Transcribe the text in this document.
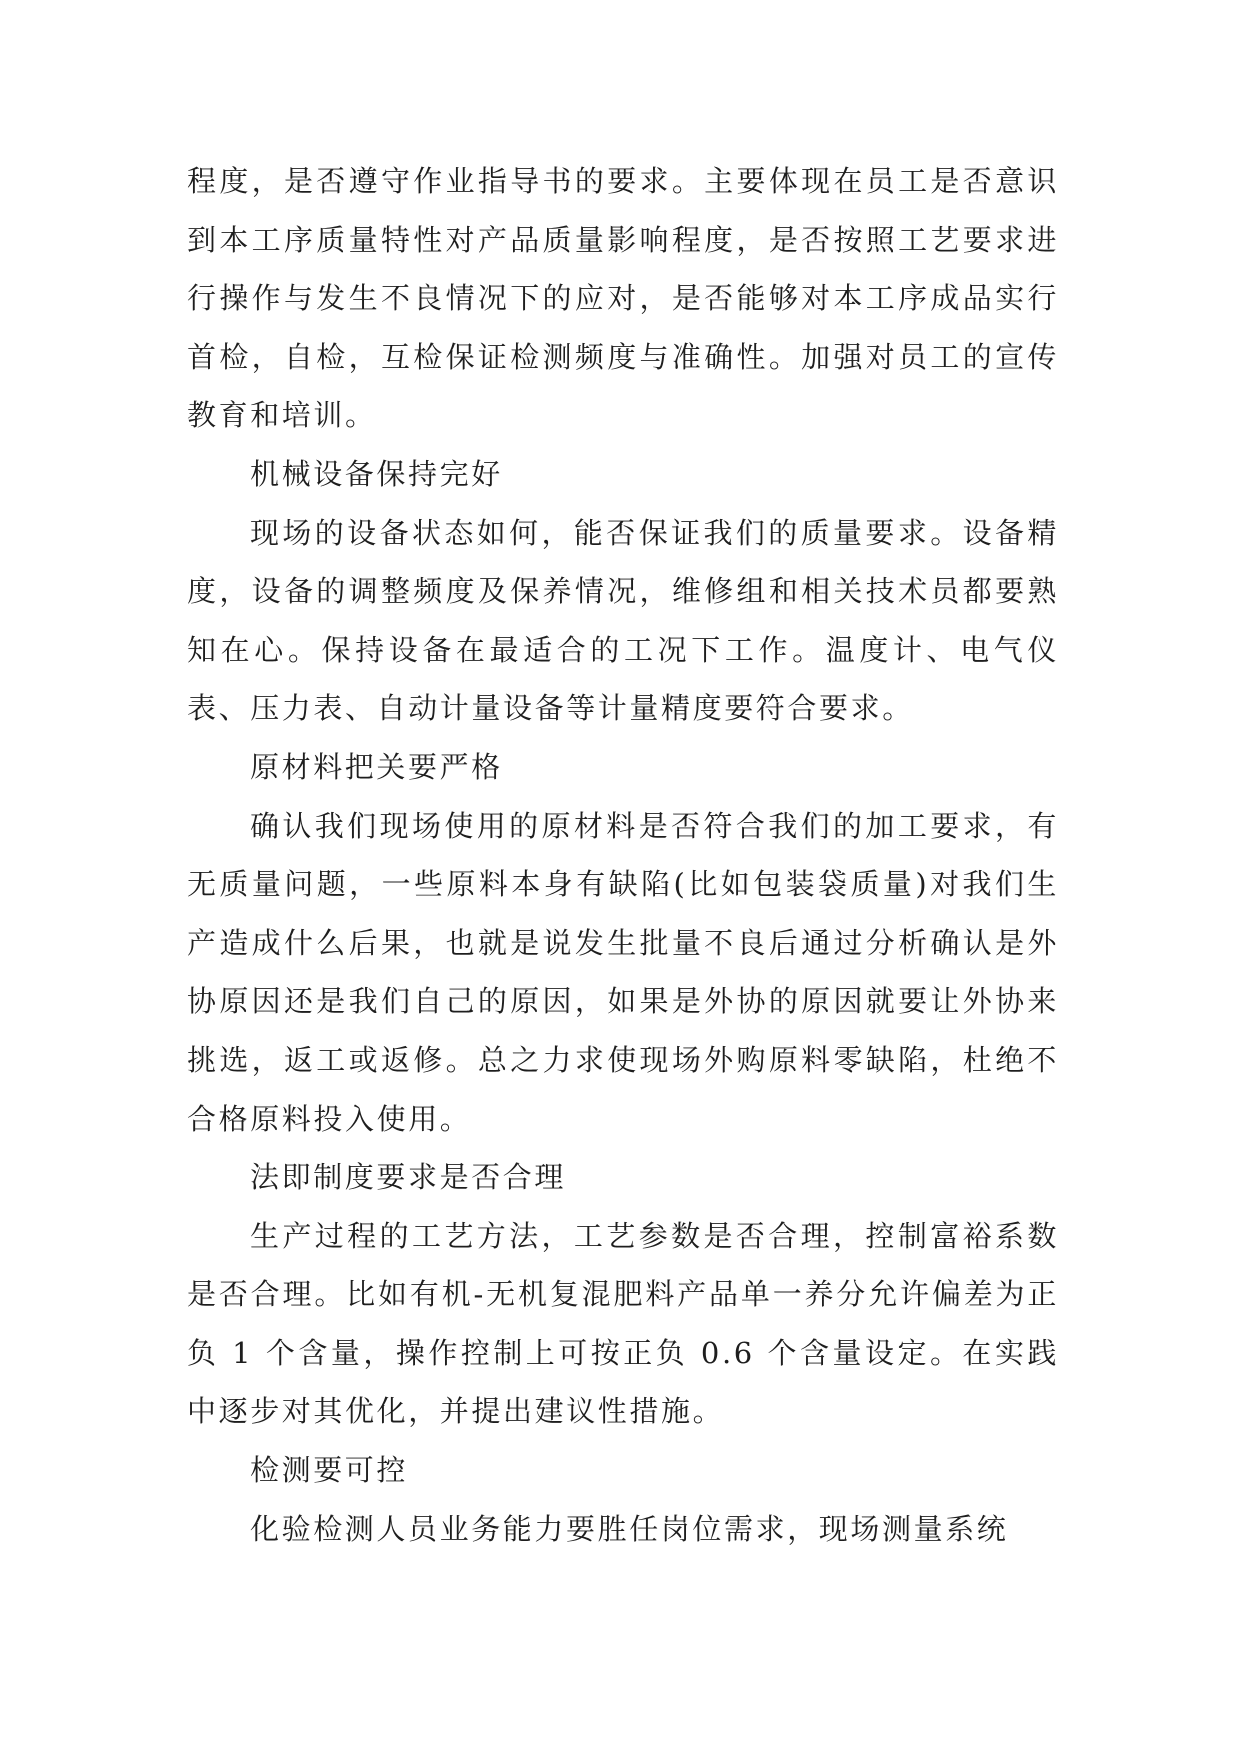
程度，是否遵守作业指导书的要求。主要体现在员工是否意识到本工序质量特性对产品质量影响程度，是否按照工艺要求进行操作与发生不良情况下的应对，是否能够对本工序成品实行首检，自检，互检保证检测频度与准确性。加强对员工的宣传教育和培训。

机械设备保持完好

现场的设备状态如何，能否保证我们的质量要求。设备精度，设备的调整频度及保养情况，维修组和相关技术员都要熟知在心。保持设备在最适合的工况下工作。温度计、电气仪表、压力表、自动计量设备等计量精度要符合要求。

原材料把关要严格

确认我们现场使用的原材料是否符合我们的加工要求，有无质量问题，一些原料本身有缺陷(比如包装袋质量)对我们生产造成什么后果，也就是说发生批量不良后通过分析确认是外协原因还是我们自己的原因，如果是外协的原因就要让外协来挑选，返工或返修。总之力求使现场外购原料零缺陷，杜绝不合格原料投入使用。

法即制度要求是否合理

生产过程的工艺方法，工艺参数是否合理，控制富裕系数是否合理。比如有机-无机复混肥料产品单一养分允许偏差为正负 1 个含量，操作控制上可按正负 0.6 个含量设定。在实践中逐步对其优化，并提出建议性措施。

检测要可控

化验检测人员业务能力要胜任岗位需求，现场测量系统
